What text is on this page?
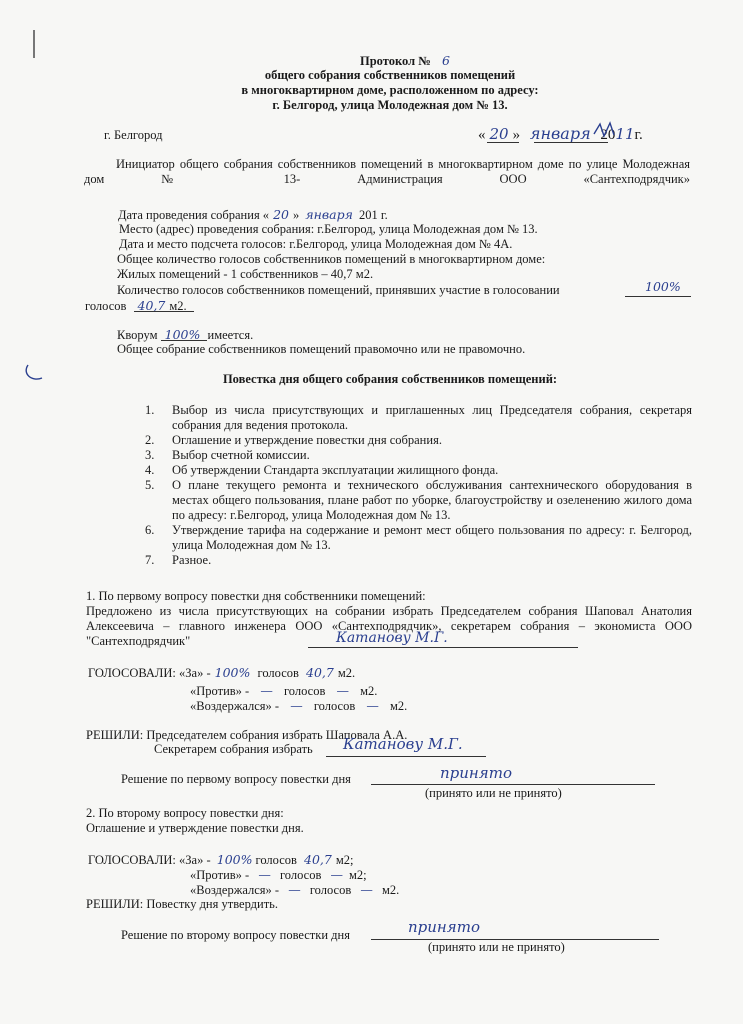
Протокол № 6
общего собрания собственников помещений
в многоквартирном доме, расположенном по адресу:
г. Белгород, улица Молодежная дом № 13.
г. Белгород	« 20 » января 2011г.
Инициатор общего собрания собственников помещений в многоквартирном доме по улице Молодежная дом № 13- Администрация ООО «Сантехподрядчик»
Дата проведения собрания « 20 » января 201 г.
Место (адрес) проведения собрания: г.Белгород, улица Молодежная дом № 13.
Дата и место подсчета голосов: г.Белгород, улица Молодежная дом № 4А.
Общее количество голосов собственников помещений в многоквартирном доме:
Жилых помещений - 1 собственников – 40,7 м2.
Количество голосов собственников помещений, принявших участие в голосовании	100%
голосов 40,7 м2.
Кворум 100% имеется.
Общее собрание собственников помещений правомочно или не правомочно.
Повестка дня общего собрания собственников помещений:
1. Выбор из числа присутствующих и приглашенных лиц Председателя собрания, секретаря собрания для ведения протокола.
2. Оглашение и утверждение повестки дня собрания.
3. Выбор счетной комиссии.
4. Об утверждении Стандарта эксплуатации жилищного фонда.
5. О плане текущего ремонта и технического обслуживания сантехнического оборудования в местах общего пользования, плане работ по уборке, благоустройству и озеленению жилого дома по адресу: г.Белгород, улица Молодежная дом № 13.
6. Утверждение тарифа на содержание и ремонт мест общего пользования по адресу: г. Белгород, улица Молодежная дом № 13.
7. Разное.
1. По первому вопросу повестки дня собственники помещений:
Предложено из числа присутствующих на собрании избрать Председателем собрания Шаповал Анатолия Алексеевича – главного инженера ООО «Сантехподрядчик», секретарем собрания – экономиста ООО "Сантехподрядчик"	Катанову М.Г.
ГОЛОСОВАЛИ: «За» - 100% голосов 40,7 м2.
«Против» - — голосов — м2.
«Воздержался» - — голосов — м2.
РЕШИЛИ: Председателем собрания избрать Шаповала А.А.
Секретарем собрания избрать Катанову М.Г.
Решение по первому вопросу повестки дня	принято
(принято или не принято)
2. По второму вопросу повестки дня:
Оглашение и утверждение повестки дня.
ГОЛОСОВАЛИ: «За» - 100% голосов 40,7 м2;
«Против» - — голосов — м2;
«Воздержался» - — голосов — м2.
РЕШИЛИ: Повестку дня утвердить.
Решение по второму вопросу повестки дня	принято
(принято или не принято)
